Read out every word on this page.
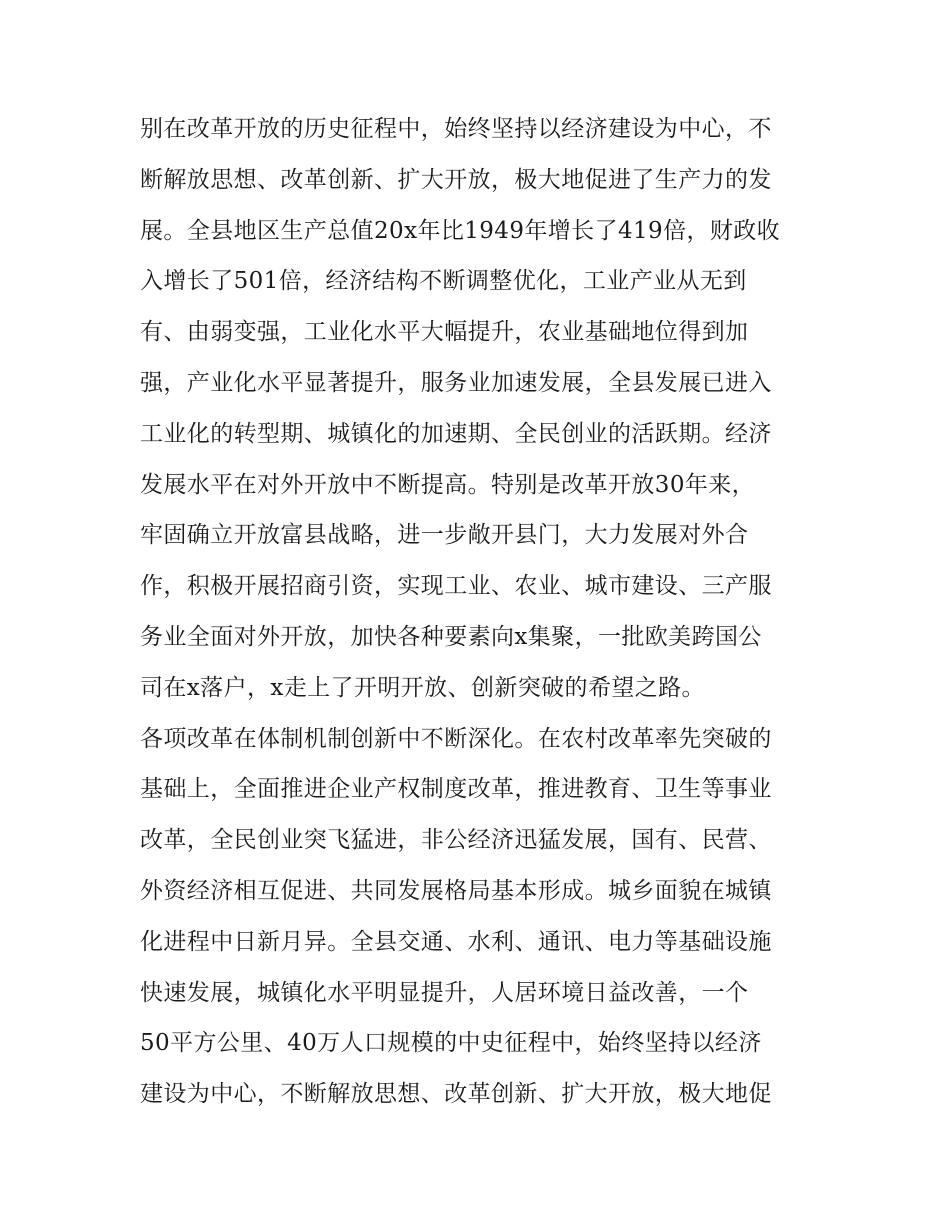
别在改革开放的历史征程中，始终坚持以经济建设为中心，不
断解放思想、改革创新、扩大开放，极大地促进了生产力的发
展。全县地区生产总值20x年比1949年增长了419倍，财政收
入增长了501倍，经济结构不断调整优化，工业产业从无到
有、由弱变强，工业化水平大幅提升，农业基础地位得到加
强，产业化水平显著提升，服务业加速发展，全县发展已进入
工业化的转型期、城镇化的加速期、全民创业的活跃期。经济
发展水平在对外开放中不断提高。特别是改革开放30年来，
牢固确立开放富县战略，进一步敞开县门，大力发展对外合
作，积极开展招商引资，实现工业、农业、城市建设、三产服
务业全面对外开放，加快各种要素向x集聚，一批欧美跨国公
司在x落户，x走上了开明开放、创新突破的希望之路。
各项改革在体制机制创新中不断深化。在农村改革率先突破的
基础上，全面推进企业产权制度改革，推进教育、卫生等事业
改革，全民创业突飞猛进，非公经济迅猛发展，国有、民营、
外资经济相互促进、共同发展格局基本形成。城乡面貌在城镇
化进程中日新月异。全县交通、水利、通讯、电力等基础设施
快速发展，城镇化水平明显提升，人居环境日益改善，一个
50平方公里、40万人口规模的中史征程中，始终坚持以经济
建设为中心，不断解放思想、改革创新、扩大开放，极大地促
